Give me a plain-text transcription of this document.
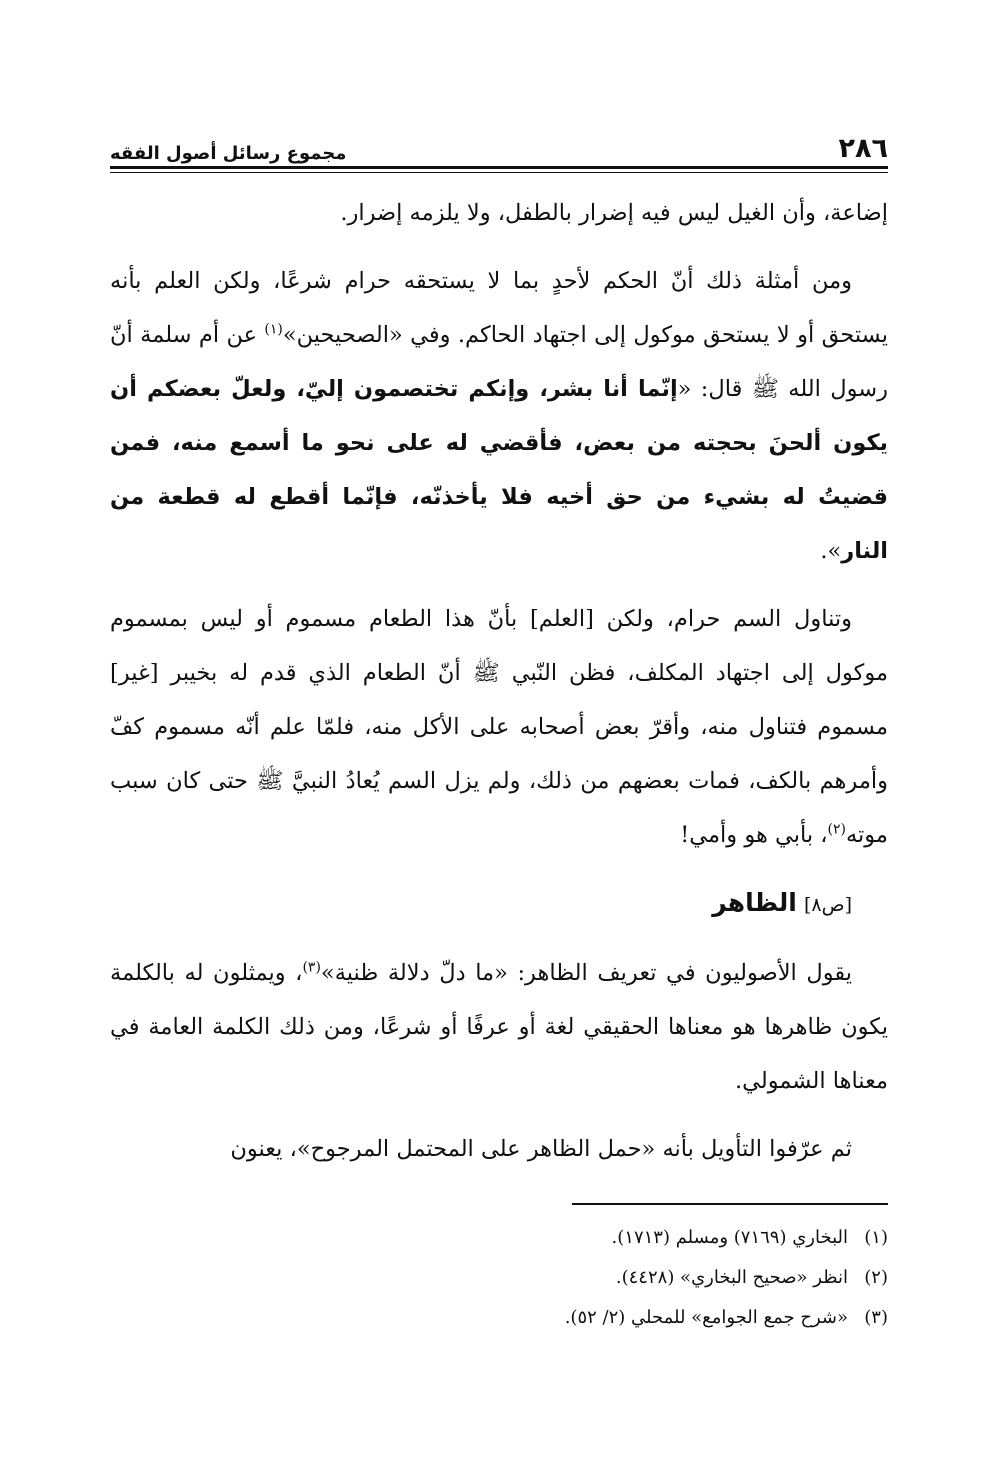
٢٨٦
مجموع رسائل أصول الفقه

إضاعة، وأن الغيل ليس فيه إضرار بالطفل، ولا يلزمه إضرار.

ومن أمثلة ذلك أنّ الحكم لأحدٍ بما لا يستحقه حرام شرعًا، ولكن العلم بأنه يستحق أو لا يستحق موكول إلى اجتهاد الحاكم. وفي «الصحيحين»$^{(١)}$ عن أم سلمة أنّ رسول الله ﷺ قال: «إنّما أنا بشر، وإنكم تختصمون إليّ، ولعلّ بعضكم أن يكون ألحنَ بحجته من بعض، فأقضي له على نحو ما أسمع منه، فمن قضيتُ له بشيء من حق أخيه فلا يأخذنّه، فإنّما أقطع له قطعة من النار».

وتناول السم حرام، ولكن [العلم] بأنّ هذا الطعام مسموم أو ليس بمسموم موكول إلى اجتهاد المكلف، فظن النّبي ﷺ أنّ الطعام الذي قدم له بخيبر [غير] مسموم فتناول منه، وأقرّ بعض أصحابه على الأكل منه، فلمّا علم أنّه مسموم كفّ وأمرهم بالكف، فمات بعضهم من ذلك، ولم يزل السم يُعادُ النبيَّ ﷺ حتى كان سبب موته$^{(٢)}$، بأبي هو وأمي!

[ص٨] الظاهر

يقول الأصوليون في تعريف الظاهر: «ما دلّ دلالة ظنية»$^{(٣)}$، ويمثلون له بالكلمة يكون ظاهرها هو معناها الحقيقي لغة أو عرفًا أو شرعًا، ومن ذلك الكلمة العامة في معناها الشمولي.

ثم عرّفوا التأويل بأنه «حمل الظاهر على المحتمل المرجوح»، يعنون

(١)
البخاري (٧١٦٩) ومسلم (١٧١٣).
(٢)
انظر «صحيح البخاري» (٤٤٢٨).
(٣)
«شرح جمع الجوامع» للمحلي (٢/ ٥٢).
